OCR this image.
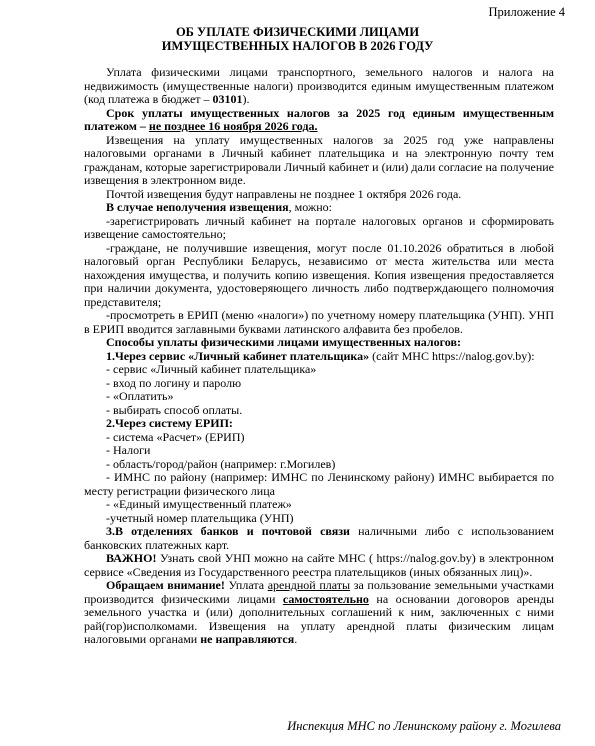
Приложение 4
ОБ УПЛАТЕ ФИЗИЧЕСКИМИ ЛИЦАМИ
ИМУЩЕСТВЕННЫХ НАЛОГОВ В 2026 ГОДУ

Уплата физическими лицами транспортного, земельного налогов и налога на недвижимость (имущественные налоги) производится единым имущественным платежом (код платежа в бюджет – 03101).

Срок уплаты имущественных налогов за 2025 год единым имущественным платежом – не позднее 16 ноября 2026 года.

Извещения на уплату имущественных налогов за 2025 год уже направлены налоговыми органами в Личный кабинет плательщика и на электронную почту тем гражданам, которые зарегистрировали Личный кабинет и (или) дали согласие на получение извещения в электронном виде.

Почтой извещения будут направлены не позднее 1 октября 2026 года.

В случае неполучения извещения, можно:

-зарегистрировать личный кабинет на портале налоговых органов и сформировать извещение самостоятельно;

-граждане, не получившие извещения, могут после 01.10.2026 обратиться в любой налоговый орган Республики Беларусь, независимо от места жительства или места нахождения имущества, и получить копию извещения. Копия извещения предоставляется при наличии документа, удостоверяющего личность либо подтверждающего полномочия представителя;

-просмотреть в ЕРИП (меню «налоги») по учетному номеру плательщика (УНП). УНП в ЕРИП вводится заглавными буквами латинского алфавита без пробелов.

Способы уплаты физическими лицами имущественных налогов:

1.Через сервис «Личный кабинет плательщика» (сайт МНС https://nalog.gov.by):

- сервис «Личный кабинет плательщика»

- вход по логину и паролю

- «Оплатить»

- выбирать способ оплаты.

2.Через систему ЕРИП:

- система «Расчет» (ЕРИП)

- Налоги

- область/город/район (например: г.Могилев)

- ИМНС по району (например: ИМНС по Ленинскому району) ИМНС выбирается по месту регистрации физического лица

- «Единый имущественный платеж»

-учетный номер плательщика (УНП)

3.В отделениях банков и почтовой связи наличными либо с использованием банковских платежных карт.

ВАЖНО! Узнать свой УНП можно на сайте МНС ( https://nalog.gov.by) в электронном сервисе «Сведения из Государственного реестра плательщиков (иных обязанных лиц)».

Обращаем внимание! Уплата арендной платы за пользование земельными участками производится физическими лицами самостоятельно на основании договоров аренды земельного участка и (или) дополнительных соглашений к ним, заключенных с ними рай(гор)исполкомами. Извещения на уплату арендной платы физическим лицам налоговыми органами не направляются.

Инспекция МНС по Ленинскому району г. Могилева
